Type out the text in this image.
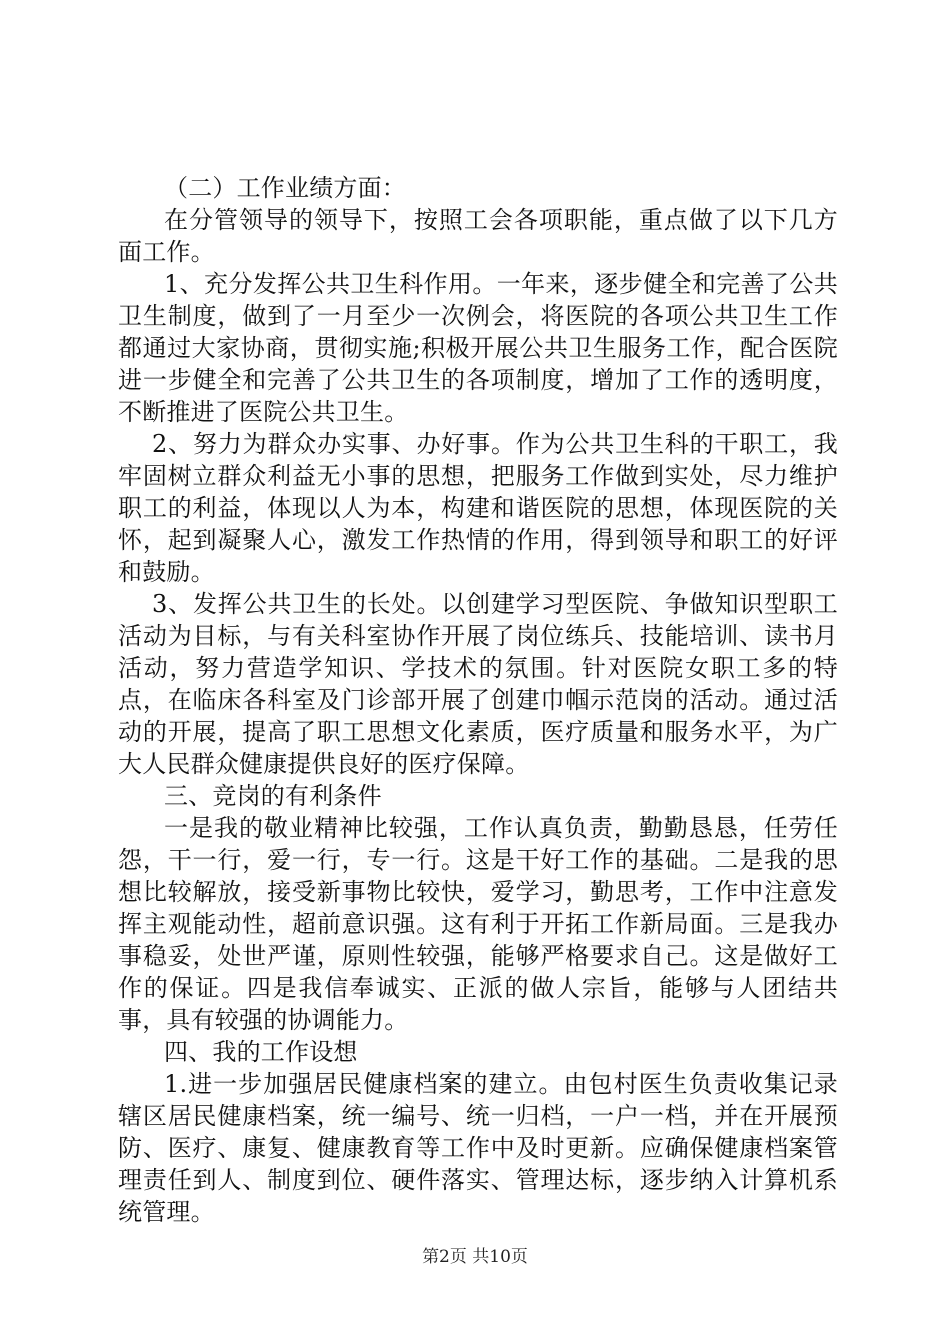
（二）工作业绩方面：

在分管领导的领导下，按照工会各项职能，重点做了以下几方面工作。

1、充分发挥公共卫生科作用。一年来，逐步健全和完善了公共卫生制度，做到了一月至少一次例会，将医院的各项公共卫生工作都通过大家协商，贯彻实施;积极开展公共卫生服务工作，配合医院进一步健全和完善了公共卫生的各项制度，增加了工作的透明度，不断推进了医院公共卫生。

2、努力为群众办实事、办好事。作为公共卫生科的干职工，我牢固树立群众利益无小事的思想，把服务工作做到实处，尽力维护职工的利益，体现以人为本，构建和谐医院的思想，体现医院的关怀，起到凝聚人心，激发工作热情的作用，得到领导和职工的好评和鼓励。

3、发挥公共卫生的长处。以创建学习型医院、争做知识型职工活动为目标，与有关科室协作开展了岗位练兵、技能培训、读书月活动，努力营造学知识、学技术的氛围。针对医院女职工多的特点，在临床各科室及门诊部开展了创建巾帼示范岗的活动。通过活动的开展，提高了职工思想文化素质，医疗质量和服务水平，为广大人民群众健康提供良好的医疗保障。

三、竞岗的有利条件

一是我的敬业精神比较强，工作认真负责，勤勤恳恳，任劳任怨，干一行，爱一行，专一行。这是干好工作的基础。二是我的思想比较解放，接受新事物比较快，爱学习，勤思考，工作中注意发挥主观能动性，超前意识强。这有利于开拓工作新局面。三是我办事稳妥，处世严谨，原则性较强，能够严格要求自己。这是做好工作的保证。四是我信奉诚实、正派的做人宗旨，能够与人团结共事，具有较强的协调能力。

四、我的工作设想

1.进一步加强居民健康档案的建立。由包村医生负责收集记录辖区居民健康档案，统一编号、统一归档，一户一档，并在开展预防、医疗、康复、健康教育等工作中及时更新。应确保健康档案管理责任到人、制度到位、硬件落实、管理达标，逐步纳入计算机系统管理。

第2页 共10页
